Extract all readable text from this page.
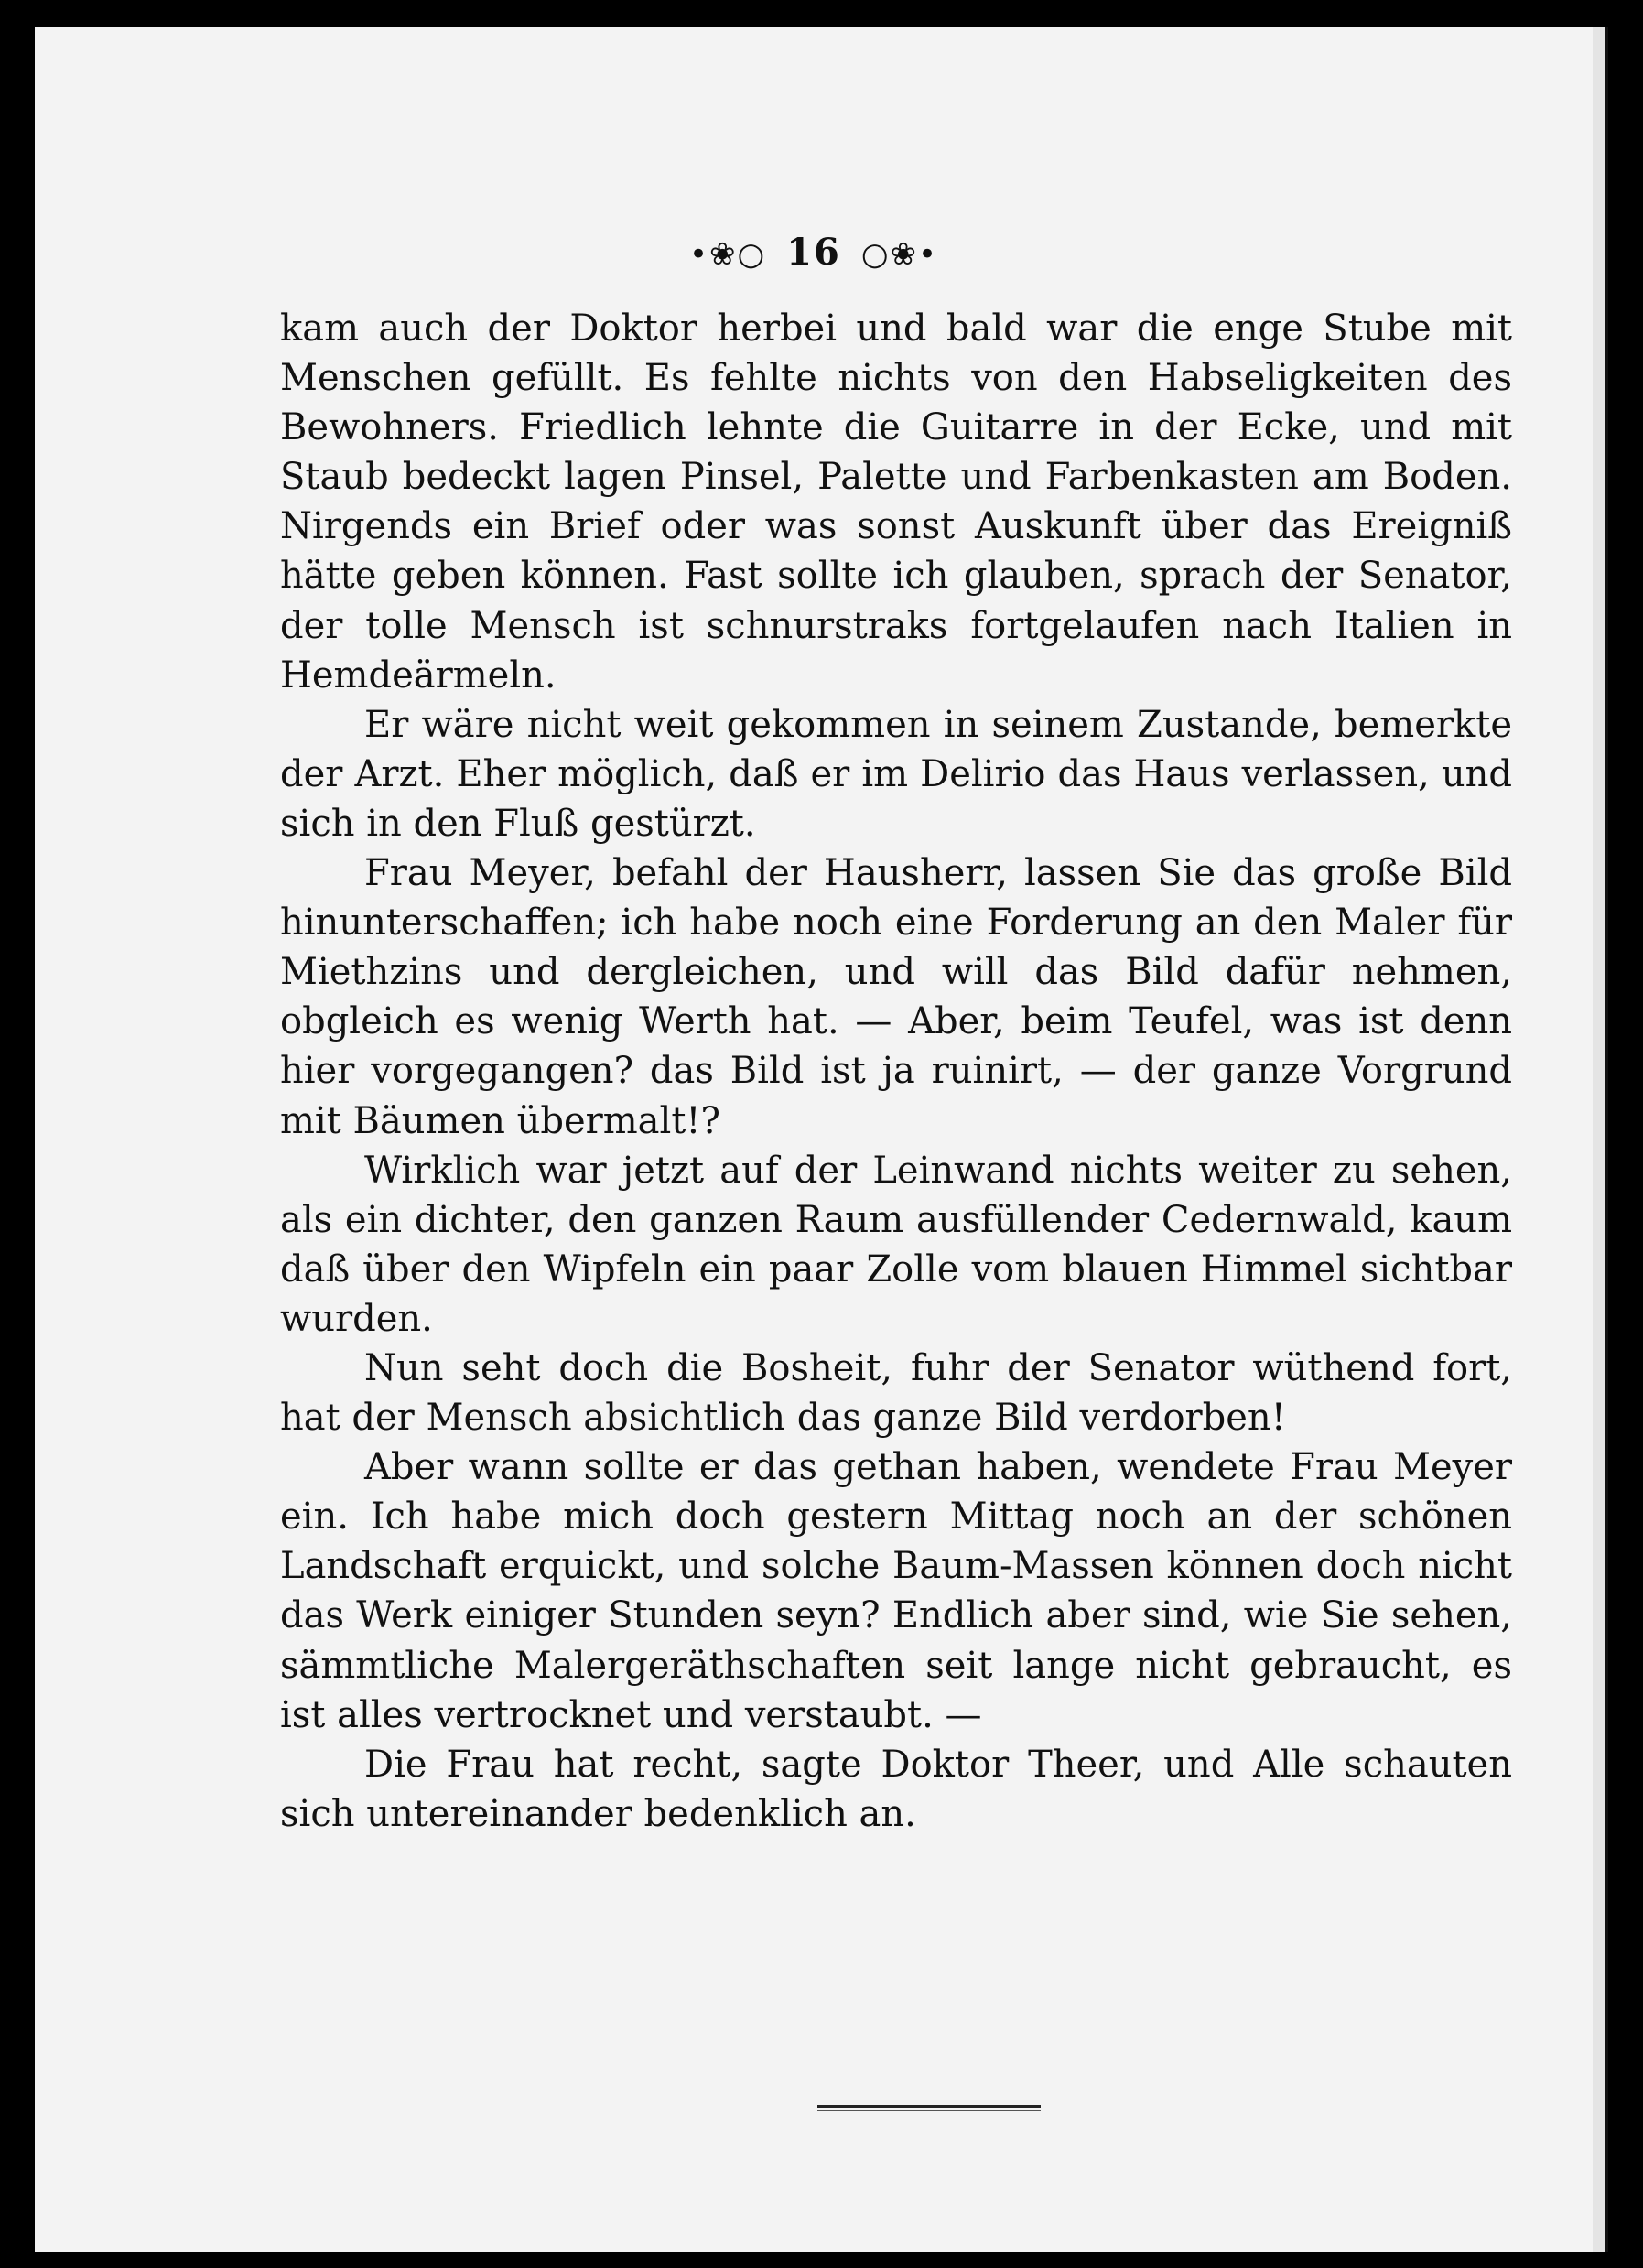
•❀○ 16 ○❀•

kam auch der Doktor herbei und bald war die enge Stube mit Menschen gefüllt. Es fehlte nichts von den Habseligkeiten des Bewohners. Friedlich lehnte die Guitarre in der Ecke, und mit Staub bedeckt lagen Pinsel, Palette und Farbenkasten am Boden. Nirgends ein Brief oder was sonst Auskunft über das Ereigniß hätte geben können. Fast sollte ich glauben, sprach der Senator, der tolle Mensch ist schnurstraks fortgelaufen nach Italien in Hemdeärmeln.

Er wäre nicht weit gekommen in seinem Zustande, bemerkte der Arzt. Eher möglich, daß er im Delirio das Haus verlassen, und sich in den Fluß gestürzt.

Frau Meyer, befahl der Hausherr, lassen Sie das große Bild hinunterschaffen; ich habe noch eine Forderung an den Maler für Miethzins und dergleichen, und will das Bild dafür nehmen, obgleich es wenig Werth hat. — Aber, beim Teufel, was ist denn hier vorgegangen? das Bild ist ja ruinirt, — der ganze Vorgrund mit Bäumen übermalt!?

Wirklich war jetzt auf der Leinwand nichts weiter zu sehen, als ein dichter, den ganzen Raum ausfüllender Cedernwald, kaum daß über den Wipfeln ein paar Zolle vom blauen Himmel sichtbar wurden.

Nun seht doch die Bosheit, fuhr der Senator wüthend fort, hat der Mensch absichtlich das ganze Bild verdorben!

Aber wann sollte er das gethan haben, wendete Frau Meyer ein. Ich habe mich doch gestern Mittag noch an der schönen Landschaft erquickt, und solche Baum-Massen können doch nicht das Werk einiger Stunden seyn? Endlich aber sind, wie Sie sehen, sämmtliche Malergeräthschaften seit lange nicht gebraucht, es ist alles vertrocknet und verstaubt. —

Die Frau hat recht, sagte Doktor Theer, und Alle schauten sich untereinander bedenklich an.
